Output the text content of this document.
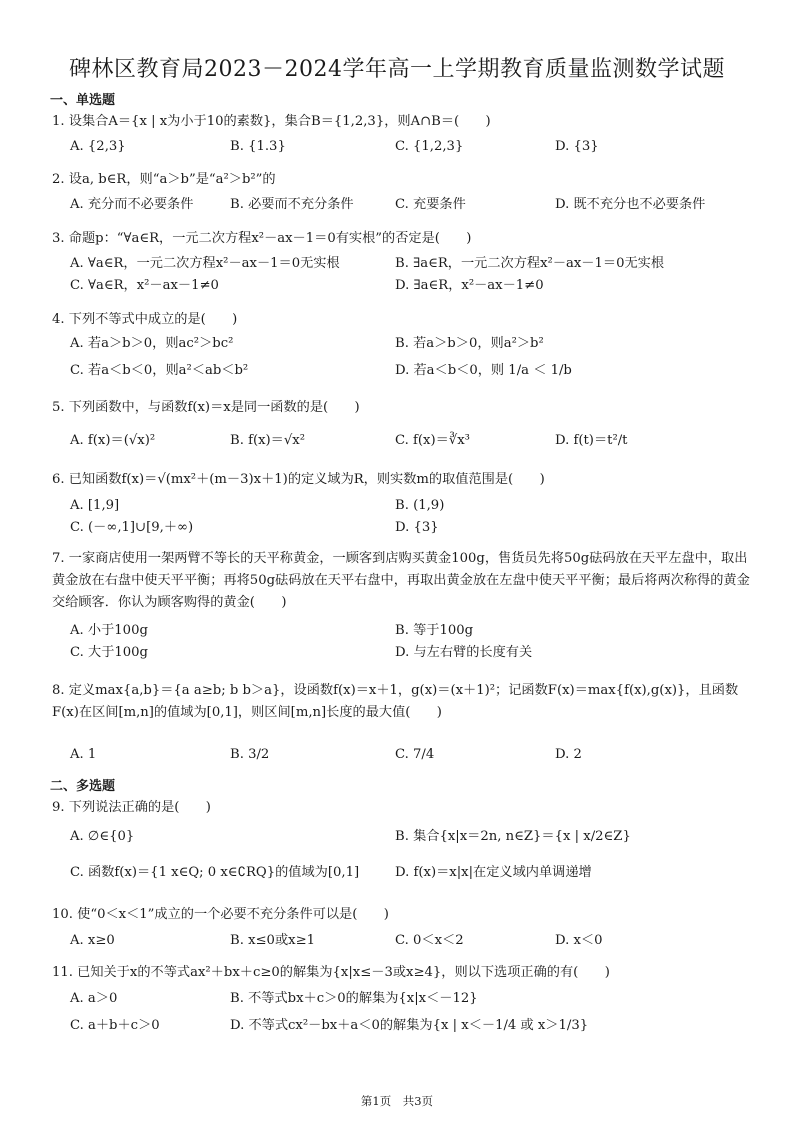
碑林区教育局2023－2024学年高一上学期教育质量监测数学试题
一、单选题
1. 设集合A＝{x | x为小于10的素数}，集合B＝{1,2,3}，则A∩B＝(　　)
A. {2,3}	B. {1.3}	C. {1,2,3}	D. {3}
2. 设a, b∈R，则“a＞b”是“a²＞b²”的
A. 充分而不必要条件	B. 必要而不充分条件	C. 充要条件	D. 既不充分也不必要条件
3. 命题p：“∀a∈R，一元二次方程x²－ax－1＝0有实根”的否定是(　　)
A. ∀a∈R，一元二次方程x²－ax－1＝0无实根	B. ∃a∈R，一元二次方程x²－ax－1＝0无实根
C. ∀a∈R，x²－ax－1≠0	D. ∃a∈R，x²－ax－1≠0
4. 下列不等式中成立的是(　　)
A. 若a＞b＞0，则ac²＞bc²	B. 若a＞b＞0，则a²＞b²
C. 若a＜b＜0，则a²＜ab＜b²	D. 若a＜b＜0，则 1/a ＜ 1/b
5. 下列函数中，与函数f(x)＝x是同一函数的是(　　)
A. f(x)＝(√x)²	B. f(x)＝√x²	C. f(x)＝∛x³	D. f(t)＝t²/t
6. 已知函数f(x)＝√(mx²＋(m－3)x＋1)的定义域为R，则实数m的取值范围是(　　)
A. [1,9]	B. (1,9)
C. (－∞,1]∪[9,＋∞)	D. {3}
7. 一家商店使用一架两臂不等长的天平称黄金，一顾客到店购买黄金100g，售货员先将50g砝码放在天平左盘中，取出黄金放在右盘中使天平平衡；再将50g砝码放在天平右盘中，再取出黄金放在左盘中使天平平衡；最后将两次称得的黄金交给顾客．你认为顾客购得的黄金(　　)
A. 小于100g	B. 等于100g
C. 大于100g	D. 与左右臂的长度有关
8. 定义max{a,b}＝{a a≥b; b b＞a}，设函数f(x)＝x＋1，g(x)＝(x＋1)²；记函数F(x)＝max{f(x),g(x)}，且函数F(x)在区间[m,n]的值域为[0,1]，则区间[m,n]长度的最大值(　　)
A. 1	B. 3/2	C. 7/4	D. 2
二、多选题
9. 下列说法正确的是(　　)
A. ∅∈{0}	B. 集合{x|x＝2n, n∈Z}＝{x | x/2∈Z}
C. 函数f(x)＝{1 x∈Q; 0 x∈∁RQ}的值域为[0,1]	D. f(x)＝x|x|在定义域内单调递增
10. 使“0＜x＜1”成立的一个必要不充分条件可以是(　　)
A. x≥0	B. x≤0或x≥1	C. 0＜x＜2	D. x＜0
11. 已知关于x的不等式ax²＋bx＋c≥0的解集为{x|x≤－3或x≥4}，则以下选项正确的有(　　)
A. a＞0	B. 不等式bx＋c＞0的解集为{x|x＜－12}
C. a＋b＋c＞0	D. 不等式cx²－bx＋a＜0的解集为{x | x＜－1/4 或 x＞1/3}
第1页　共3页
